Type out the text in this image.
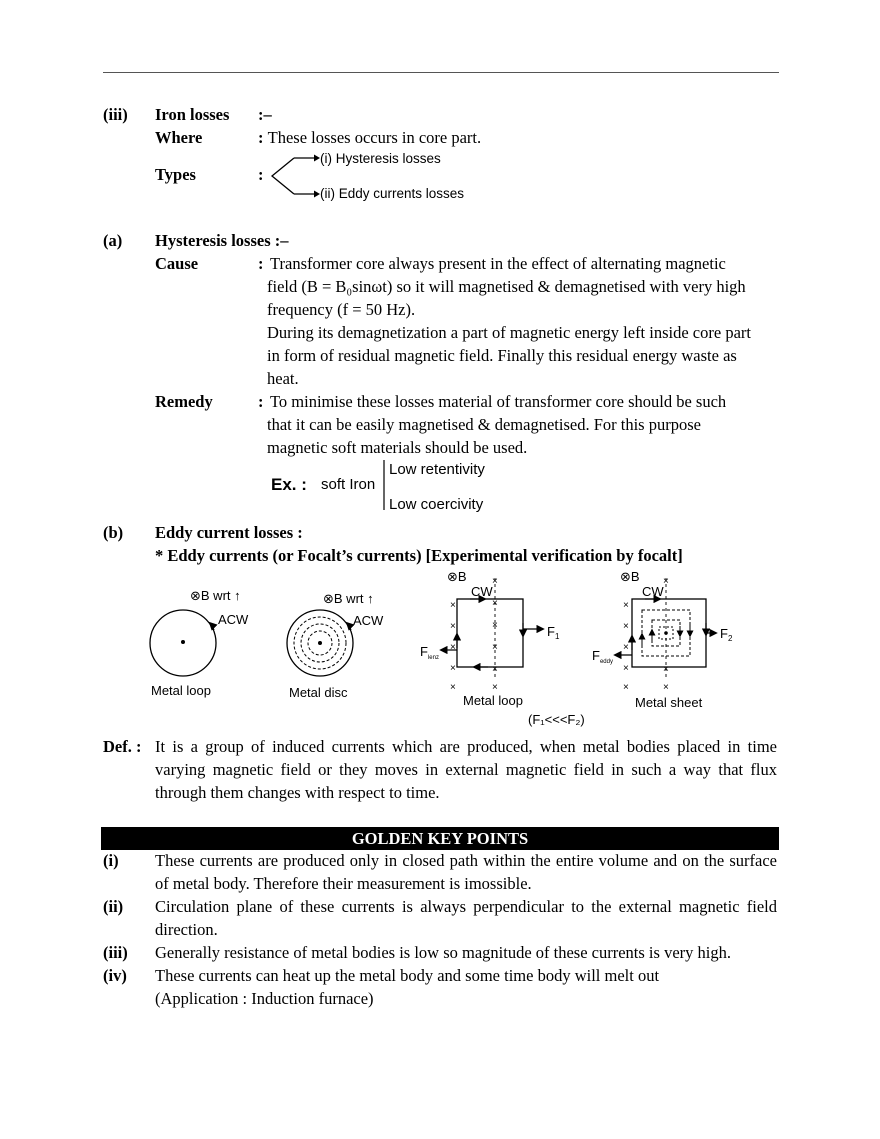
(iii) Iron losses :–
Where	: These losses occurs in core part.
Types	:
(i) Hysteresis losses
(ii) Eddy currents losses
(a) Hysteresis losses :–
Cause	: Transformer core always present in the effect of alternating magnetic
field (B = B₀sinωt) so it will magnetised & demagnetised with very high
frequency (f = 50 Hz).
During its demagnetization a part of magnetic energy left inside core part
in form of residual magnetic field. Finally this residual energy waste as
heat.
Remedy	: To minimise these losses material of transformer core should be such
that it can be easily magnetised & demagnetised. For this purpose
magnetic soft materials should be used.
Ex. : soft Iron
Low retentivity
Low coercivity
(b) Eddy current losses :
* Eddy currents (or Focalt’s currents) [Experimental verification by focalt]
⊗B wrt ↑
ACW
Metal loop
⊗B wrt ↑
ACW
Metal disc
⊗B
CW
×
×
×
×
×
×
×
×
×
×
×
$F_1$
$F_{lenz}$
Metal loop
(F₁<<<F₂)
⊗B
CW
×
×
×
×
×
×
×
×
$F_2$
$F_{eddy}$
Metal sheet
Def. : It is a group of induced currents which are produced, when metal bodies placed in time varying magnetic field or they moves in external magnetic field in such a way that flux through them changes with respect to time.
GOLDEN KEY POINTS
(i) These currents are produced only in closed path within the entire volume and on the surface of metal body. Therefore their measurement is imossible.
(ii) Circulation plane of these currents is always perpendicular to the external magnetic field direction.
(iii) Generally resistance of metal bodies is low so magnitude of these currents is very high.
(iv) These currents can heat up the metal body and some time body will melt out
(Application : Induction furnace)
